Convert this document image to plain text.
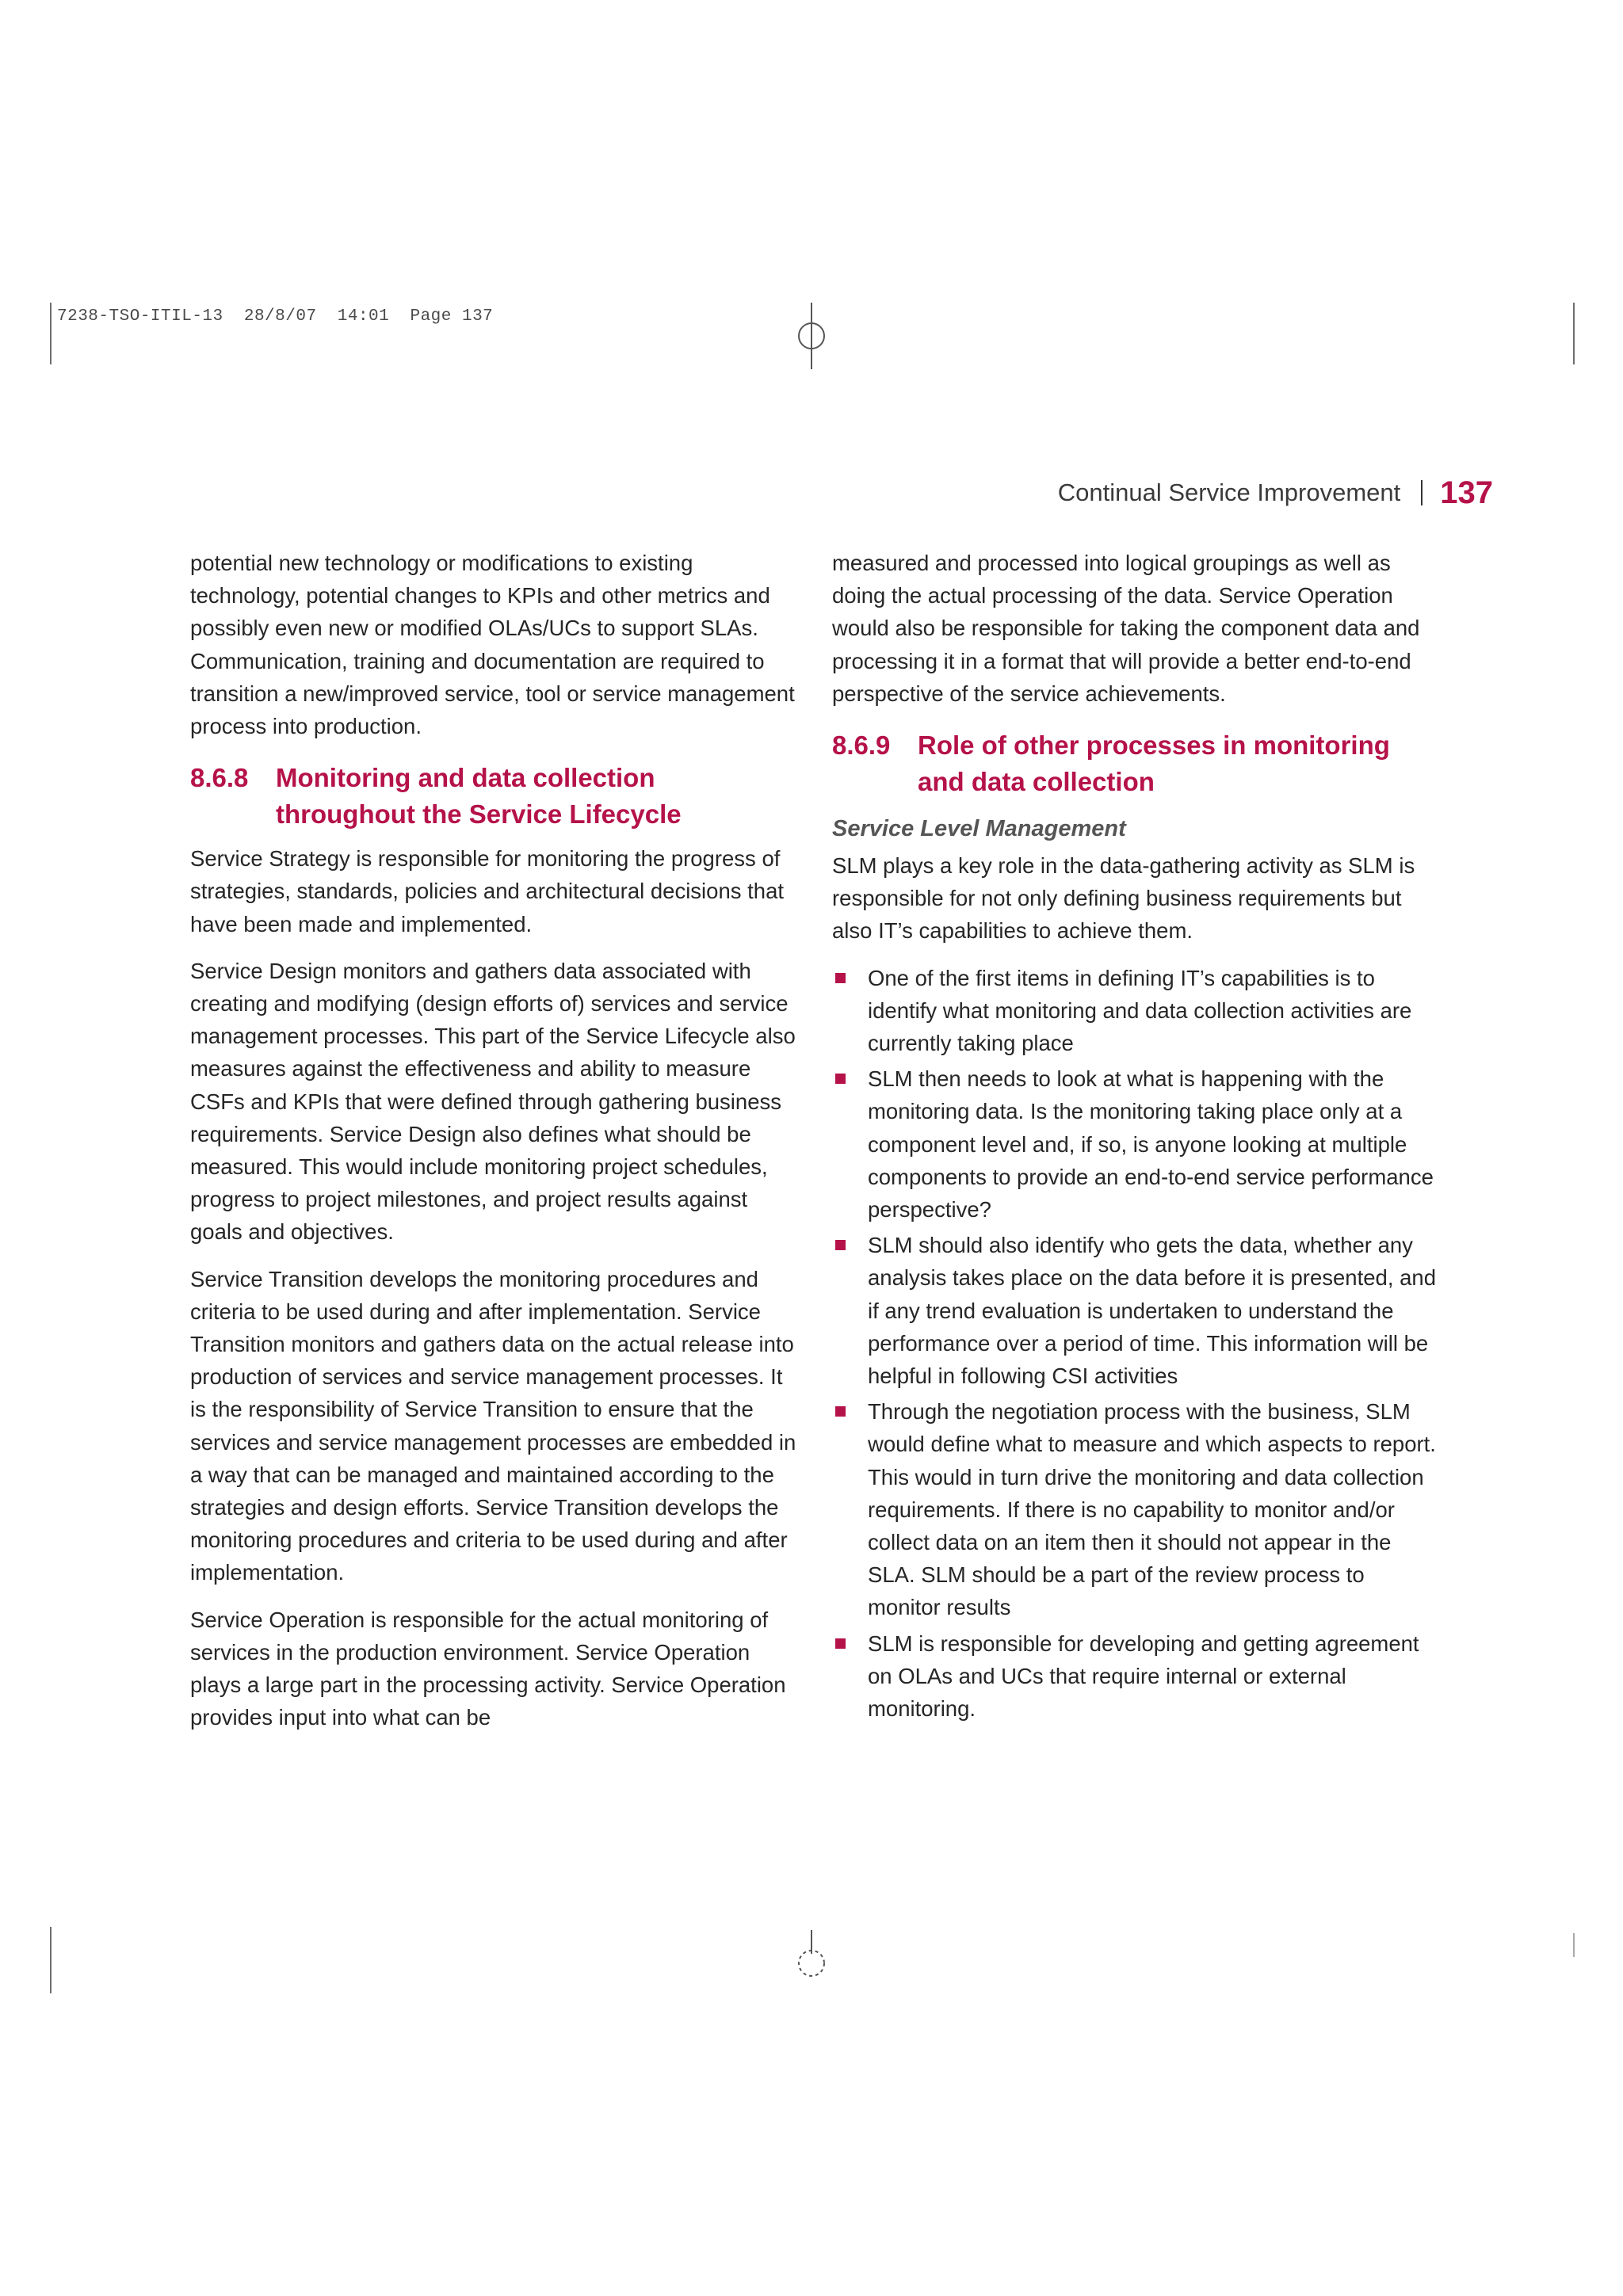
7238-TSO-ITIL-13  28/8/07  14:01  Page 137
Continual Service Improvement 137

potential new technology or modifications to existing technology, potential changes to KPIs and other metrics and possibly even new or modified OLAs/UCs to support SLAs. Communication, training and documentation are required to transition a new/improved service, tool or service management process into production.

8.6.8	Monitoring and data collection throughout the Service Lifecycle

Service Strategy is responsible for monitoring the progress of strategies, standards, policies and architectural decisions that have been made and implemented.

Service Design monitors and gathers data associated with creating and modifying (design efforts of) services and service management processes. This part of the Service Lifecycle also measures against the effectiveness and ability to measure CSFs and KPIs that were defined through gathering business requirements. Service Design also defines what should be measured. This would include monitoring project schedules, progress to project milestones, and project results against goals and objectives.

Service Transition develops the monitoring procedures and criteria to be used during and after implementation. Service Transition monitors and gathers data on the actual release into production of services and service management processes. It is the responsibility of Service Transition to ensure that the services and service management processes are embedded in a way that can be managed and maintained according to the strategies and design efforts. Service Transition develops the monitoring procedures and criteria to be used during and after implementation.

Service Operation is responsible for the actual monitoring of services in the production environment. Service Operation plays a large part in the processing activity. Service Operation provides input into what can be

measured and processed into logical groupings as well as doing the actual processing of the data. Service Operation would also be responsible for taking the component data and processing it in a format that will provide a better end-to-end perspective of the service achievements.

8.6.9	Role of other processes in monitoring and data collection
Service Level Management

SLM plays a key role in the data-gathering activity as SLM is responsible for not only defining business requirements but also IT’s capabilities to achieve them.

One of the first items in defining IT’s capabilities is to identify what monitoring and data collection activities are currently taking place
SLM then needs to look at what is happening with the monitoring data. Is the monitoring taking place only at a component level and, if so, is anyone looking at multiple components to provide an end-to-end service performance perspective?
SLM should also identify who gets the data, whether any analysis takes place on the data before it is presented, and if any trend evaluation is undertaken to understand the performance over a period of time. This information will be helpful in following CSI activities
Through the negotiation process with the business, SLM would define what to measure and which aspects to report. This would in turn drive the monitoring and data collection requirements. If there is no capability to monitor and/or collect data on an item then it should not appear in the SLA. SLM should be a part of the review process to monitor results
SLM is responsible for developing and getting agreement on OLAs and UCs that require internal or external monitoring.
